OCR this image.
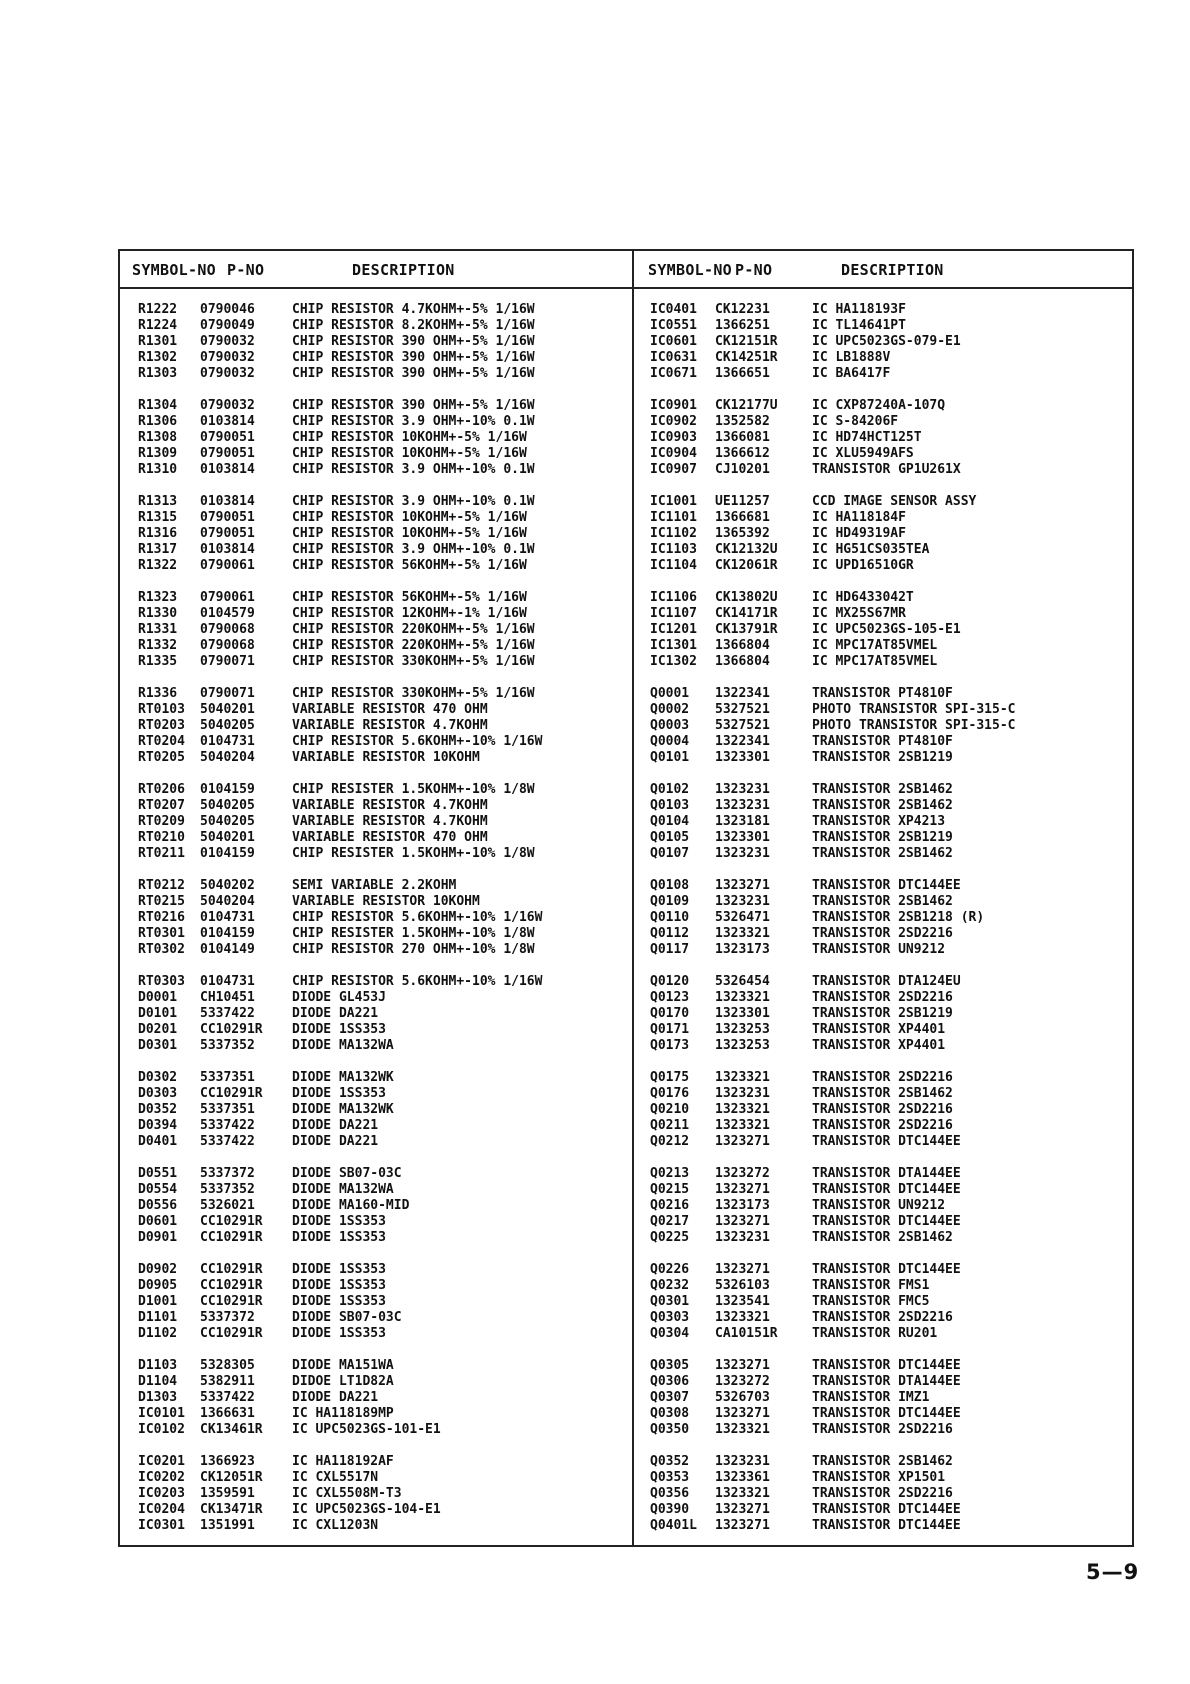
SYMBOL-NO P-NO	DESCRIPTION
R1222 0790046	CHIP RESISTOR 4.7KOHM+-5% 1/16W
R1224 0790049	CHIP RESISTOR 8.2KOHM+-5% 1/16W
R1301 0790032	CHIP RESISTOR 390 OHM+-5% 1/16W
R1302 0790032	CHIP RESISTOR 390 OHM+-5% 1/16W
R1303 0790032	CHIP RESISTOR 390 OHM+-5% 1/16W
R1304 0790032	CHIP RESISTOR 390 OHM+-5% 1/16W
R1306 0103814	CHIP RESISTOR 3.9 OHM+-10% 0.1W
R1308 0790051	CHIP RESISTOR 10KOHM+-5% 1/16W
R1309 0790051	CHIP RESISTOR 10KOHM+-5% 1/16W
R1310 0103814	CHIP RESISTOR 3.9 OHM+-10% 0.1W
R1313 0103814	CHIP RESISTOR 3.9 OHM+-10% 0.1W
R1315 0790051	CHIP RESISTOR 10KOHM+-5% 1/16W
R1316 0790051	CHIP RESISTOR 10KOHM+-5% 1/16W
R1317 0103814	CHIP RESISTOR 3.9 OHM+-10% 0.1W
R1322 0790061	CHIP RESISTOR 56KOHM+-5% 1/16W
R1323 0790061	CHIP RESISTOR 56KOHM+-5% 1/16W
R1330 0104579	CHIP RESISTOR 12KOHM+-1% 1/16W
R1331 0790068	CHIP RESISTOR 220KOHM+-5% 1/16W
R1332 0790068	CHIP RESISTOR 220KOHM+-5% 1/16W
R1335 0790071	CHIP RESISTOR 330KOHM+-5% 1/16W
R1336 0790071	CHIP RESISTOR 330KOHM+-5% 1/16W
RT0103 5040201	VARIABLE RESISTOR 470 OHM
RT0203 5040205	VARIABLE RESISTOR 4.7KOHM
RT0204 0104731	CHIP RESISTOR 5.6KOHM+-10% 1/16W
RT0205 5040204	VARIABLE RESISTOR 10KOHM
RT0206 0104159	CHIP RESISTER 1.5KOHM+-10% 1/8W
RT0207 5040205	VARIABLE RESISTOR 4.7KOHM
RT0209 5040205	VARIABLE RESISTOR 4.7KOHM
RT0210 5040201	VARIABLE RESISTOR 470 OHM
RT0211 0104159	CHIP RESISTER 1.5KOHM+-10% 1/8W
RT0212 5040202	SEMI VARIABLE 2.2KOHM
RT0215 5040204	VARIABLE RESISTOR 10KOHM
RT0216 0104731	CHIP RESISTOR 5.6KOHM+-10% 1/16W
RT0301 0104159	CHIP RESISTER 1.5KOHM+-10% 1/8W
RT0302 0104149	CHIP RESISTOR 270 OHM+-10% 1/8W
RT0303 0104731	CHIP RESISTOR 5.6KOHM+-10% 1/16W
D0001 CH10451	DIODE GL453J
D0101 5337422	DIODE DA221
D0201 CC10291R DIODE 1SS353
D0301 5337352	DIODE MA132WA
D0302 5337351	DIODE MA132WK
D0303 CC10291R DIODE 1SS353
D0352 5337351	DIODE MA132WK
D0394 5337422	DIODE DA221
D0401 5337422	DIODE DA221
D0551 5337372	DIODE SB07-03C
D0554 5337352	DIODE MA132WA
D0556 5326021	DIODE MA160-MID
D0601 CC10291R DIODE 1SS353
D0901 CC10291R DIODE 1SS353
D0902 CC10291R DIODE 1SS353
D0905 CC10291R DIODE 1SS353
D1001 CC10291R DIODE 1SS353
D1101 5337372	DIODE SB07-03C
D1102 CC10291R DIODE 1SS353
D1103 5328305	DIODE MA151WA
D1104 5382911	DIDOE LT1D82A
D1303 5337422	DIODE DA221
IC0101 1366631	IC HA118189MP
IC0102 CK13461R IC UPC5023GS-101-E1
IC0201 1366923	IC HA118192AF
IC0202 CK12051R IC CXL5517N
IC0203 1359591	IC CXL5508M-T3
IC0204 CK13471R IC UPC5023GS-104-E1
IC0301 1351991	IC CXL1203N
SYMBOL-NO P-NO	DESCRIPTION
IC0401 CK12231	IC HA118193F
IC0551 1366251	IC TL14641PT
IC0601 CK12151R	IC UPC5023GS-079-E1
IC0631 CK14251R	IC LB1888V
IC0671 1366651	IC BA6417F
IC0901 CK12177U	IC CXP87240A-107Q
IC0902 1352582	IC S-84206F
IC0903 1366081	IC HD74HCT125T
IC0904 1366612	IC XLU5949AFS
IC0907 CJ10201	TRANSISTOR GP1U261X
IC1001 UE11257	CCD IMAGE SENSOR ASSY
IC1101 1366681	IC HA118184F
IC1102 1365392	IC HD49319AF
IC1103 CK12132U	IC HG51CS035TEA
IC1104 CK12061R	IC UPD16510GR
IC1106 CK13802U	IC HD6433042T
IC1107 CK14171R	IC MX25S67MR
IC1201 CK13791R	IC UPC5023GS-105-E1
IC1301 1366804	IC MPC17AT85VMEL
IC1302 1366804	IC MPC17AT85VMEL
Q0001 1322341	TRANSISTOR PT4810F
Q0002 5327521	PHOTO TRANSISTOR SPI-315-C
Q0003 5327521	PHOTO TRANSISTOR SPI-315-C
Q0004 1322341	TRANSISTOR PT4810F
Q0101 1323301	TRANSISTOR 2SB1219
Q0102 1323231	TRANSISTOR 2SB1462
Q0103 1323231	TRANSISTOR 2SB1462
Q0104 1323181	TRANSISTOR XP4213
Q0105 1323301	TRANSISTOR 2SB1219
Q0107 1323231	TRANSISTOR 2SB1462
Q0108 1323271	TRANSISTOR DTC144EE
Q0109 1323231	TRANSISTOR 2SB1462
Q0110 5326471	TRANSISTOR 2SB1218 (R)
Q0112 1323321	TRANSISTOR 2SD2216
Q0117 1323173	TRANSISTOR UN9212
Q0120 5326454	TRANSISTOR DTA124EU
Q0123 1323321	TRANSISTOR 2SD2216
Q0170 1323301	TRANSISTOR 2SB1219
Q0171 1323253	TRANSISTOR XP4401
Q0173 1323253	TRANSISTOR XP4401
Q0175 1323321	TRANSISTOR 2SD2216
Q0176 1323231	TRANSISTOR 2SB1462
Q0210 1323321	TRANSISTOR 2SD2216
Q0211 1323321	TRANSISTOR 2SD2216
Q0212 1323271	TRANSISTOR DTC144EE
Q0213 1323272	TRANSISTOR DTA144EE
Q0215 1323271	TRANSISTOR DTC144EE
Q0216 1323173	TRANSISTOR UN9212
Q0217 1323271	TRANSISTOR DTC144EE
Q0225 1323231	TRANSISTOR 2SB1462
Q0226 1323271	TRANSISTOR DTC144EE
Q0232 5326103	TRANSISTOR FMS1
Q0301 1323541	TRANSISTOR FMC5
Q0303 1323321	TRANSISTOR 2SD2216
Q0304 CA10151R	TRANSISTOR RU201
Q0305 1323271	TRANSISTOR DTC144EE
Q0306 1323272	TRANSISTOR DTA144EE
Q0307 5326703	TRANSISTOR IMZ1
Q0308 1323271	TRANSISTOR DTC144EE
Q0350 1323321	TRANSISTOR 2SD2216
Q0352 1323231	TRANSISTOR 2SB1462
Q0353 1323361	TRANSISTOR XP1501
Q0356 1323321	TRANSISTOR 2SD2216
Q0390 1323271	TRANSISTOR DTC144EE
Q0401L 1323271	TRANSISTOR DTC144EE
5—9
